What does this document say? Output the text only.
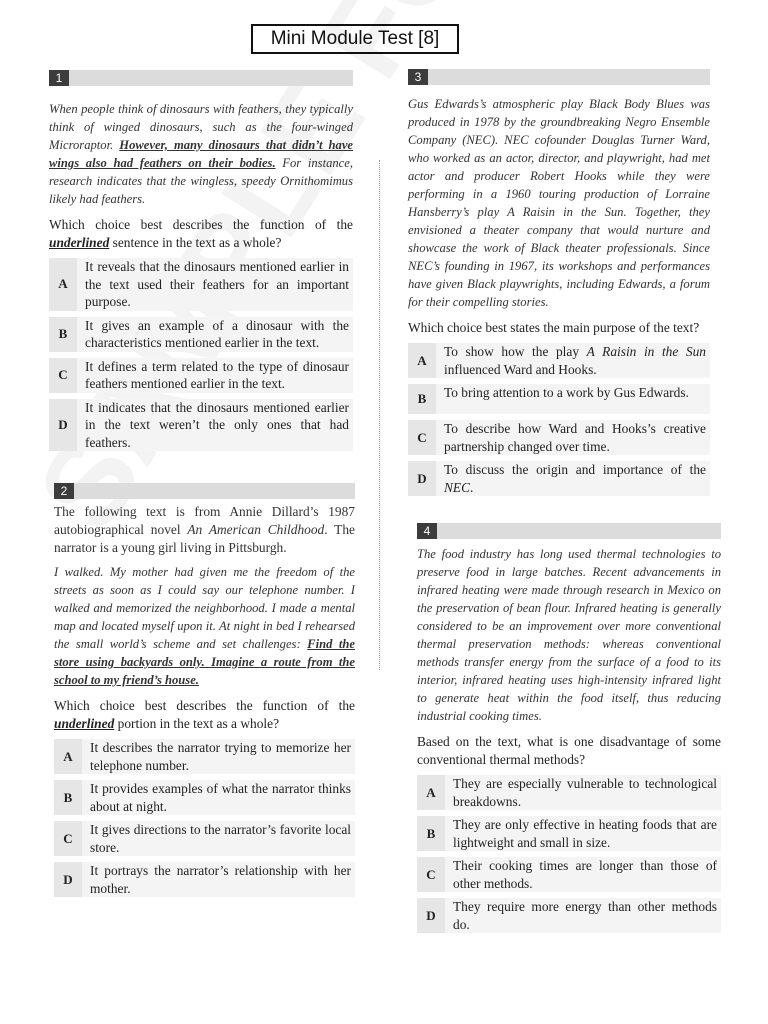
Mini Module Test [8]
1

When people think of dinosaurs with feathers, they typically think of winged dinosaurs, such as the four-winged Microraptor. However, many dinosaurs that didn’t have wings also had feathers on their bodies. For instance, research indicates that the wingless, speedy Ornithomimus likely had feathers.

Which choice best describes the function of the underlined sentence in the text as a whole?

A
It reveals that the dinosaurs mentioned earlier in the text used their feathers for an important purpose.
B
It gives an example of a dinosaur with the characteristics mentioned earlier in the text.
C
It defines a term related to the type of dinosaur feathers mentioned earlier in the text.
D
It indicates that the dinosaurs mentioned earlier in the text weren’t the only ones that had feathers.
2

The following text is from Annie Dillard’s 1987 autobiographical novel An American Childhood. The narrator is a young girl living in Pittsburgh.

I walked. My mother had given me the freedom of the streets as soon as I could say our telephone number. I walked and memorized the neighborhood. I made a mental map and located myself upon it. At night in bed I rehearsed the small world’s scheme and set challenges: Find the store using backyards only. Imagine a route from the school to my friend’s house.

Which choice best describes the function of the underlined portion in the text as a whole?

A
It describes the narrator trying to memorize her telephone number.
B
It provides examples of what the narrator thinks about at night.
C
It gives directions to the narrator’s favorite local store.
D
It portrays the narrator’s relationship with her mother.
3

Gus Edwards’s atmospheric play Black Body Blues was produced in 1978 by the groundbreaking Negro Ensemble Company (NEC). NEC cofounder Douglas Turner Ward, who worked as an actor, director, and playwright, had met actor and producer Robert Hooks while they were performing in a 1960 touring production of Lorraine Hansberry’s play A Raisin in the Sun. Together, they envisioned a theater company that would nurture and showcase the work of Black theater professionals. Since NEC’s founding in 1967, its workshops and performances have given Black playwrights, including Edwards, a forum for their compelling stories.

Which choice best states the main purpose of the text?

A
To show how the play A Raisin in the Sun influenced Ward and Hooks.
B	To bring attention to a work by Gus Edwards.
C
To describe how Ward and Hooks’s creative partnership changed over time.
D
To discuss the origin and importance of the NEC.
4

The food industry has long used thermal technologies to preserve food in large batches. Recent advancements in infrared heating were made through research in Mexico on the preservation of bean flour. Infrared heating is generally considered to be an improvement over more conventional thermal preservation methods: whereas conventional methods transfer energy from the surface of a food to its interior, infrared heating uses high-intensity infrared light to generate heat within the food itself, thus reducing industrial cooking times.

Based on the text, what is one disadvantage of some conventional thermal methods?

A
They are especially vulnerable to technological breakdowns.
B
They are only effective in heating foods that are lightweight and small in size.
C
Their cooking times are longer than those of other methods.
D
They require more energy than other methods do.
